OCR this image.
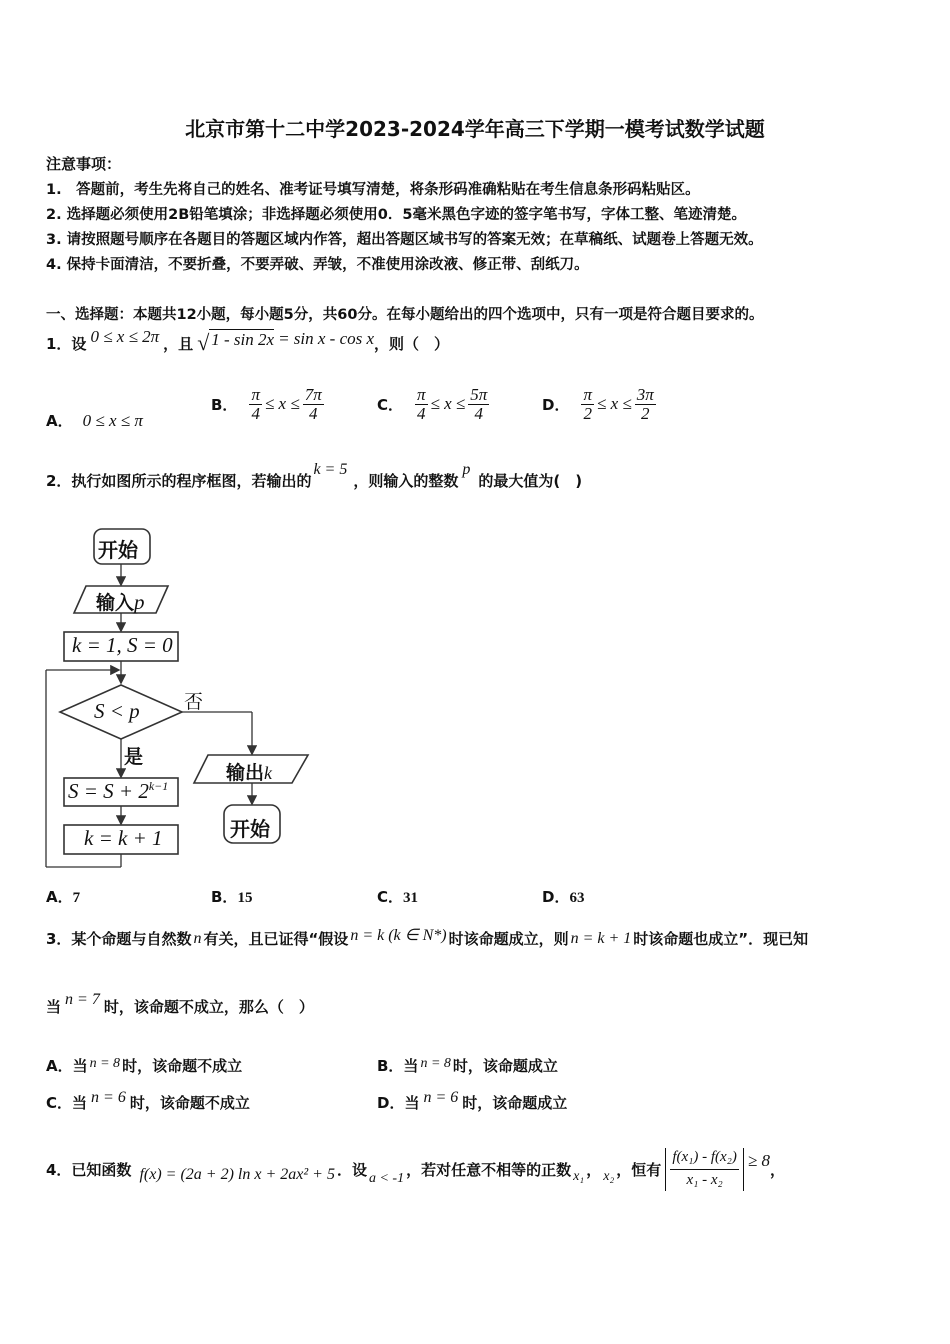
北京市第十二中学2023-2024学年高三下学期一模考试数学试题
注意事项：
1.　答题前，考生先将自己的姓名、准考证号填写清楚，将条形码准确粘贴在考生信息条形码粘贴区。
2. 选择题必须使用2B铅笔填涂；非选择题必须使用0．5毫米黑色字迹的签字笔书写，字体工整、笔迹清楚。
3. 请按照题号顺序在各题目的答题区域内作答，超出答题区域书写的答案无效；在草稿纸、试题卷上答题无效。
4. 保持卡面清洁，不要折叠，不要弄破、弄皱，不准使用涂改液、修正带、刮纸刀。
一、选择题：本题共12小题，每小题5分，共60分。在每小题给出的四个选项中，只有一项是符合题目要求的。
1．设 0 ≤ x ≤ 2π ，且 √ 1 - sin 2x = sin x - cos x ，则（　）
A． 0 ≤ x ≤ π
B． $\frac{\pi}{4} \le x \le \frac{7\pi}{4}$	C． $\frac{\pi}{4} \le x \le \frac{5\pi}{4}$	D． $\frac{\pi}{2} \le x \le \frac{3\pi}{2}$
2．执行如图所示的程序框图，若输出的
k = 5
，则输入的整数
p
的最大值为(　)
开始
输入p
k = 1, S = 0
S < p 否
是
输出k
开始
$S = S + 2^{k-1}$
k = k + 1
A．7	B．15	C．31	D．63
3．某个命题与自然数 n 有关，且已证得“假设 n = k (k ∈ N*) 时该命题成立，则 n = k + 1 时该命题也成立”．现已知
当 n = 7 时，该命题不成立，那么（　）
A．当 n = 8 时，该命题不成立	B．当 n = 8 时，该命题成立
C．当 n = 6 时，该命题不成立	D．当 n = 6 时，该命题成立
4．已知函数 f(x) = (2a + 2) ln x + 2ax² + 5 ．设 a < -1 ，若对任意不相等的正数 x₁ ， x₂ ，恒有 $\frac{\text{f(x₁) - f(x₂)}}{\text{x₁ - x₂}} \ge 8$ ，
